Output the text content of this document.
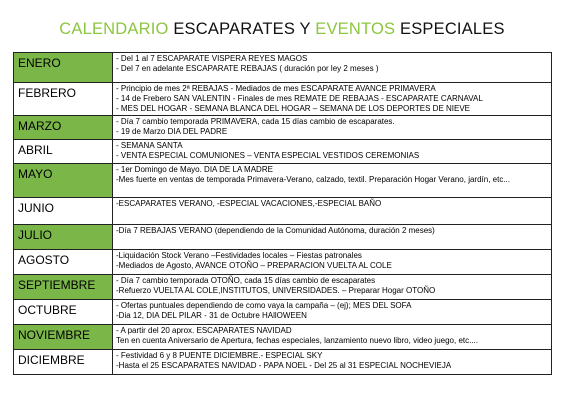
CALENDARIO ESCAPARATES Y EVENTOS ESPECIALES
ENERO	- Del 1 al 7 ESCAPARATE VISPERA REYES MAGOS
- Del 7 en adelante ESCAPARATE REBAJAS ( duración por ley 2 meses )

FEBRERO	- Principio de mes 2ª REBAJAS - Mediados de mes ESCAPARATE AVANCE PRIMAVERA
- 14 de Frebero SAN VALENTIN - Finales de mes REMATE DE REBAJAS - ESCAPARATE CARNAVAL
- MES DEL HOGAR - SEMANA BLANCA DEL HOGAR – SEMANA DE LOS DEPORTES DE NIEVE

MARZO	- Día 7 cambio temporada PRIMAVERA, cada 15 días cambio de escaparates.
- 19 de Marzo DIA DEL PADRE

ABRIL	- SEMANA SANTA
- VENTA ESPECIAL COMUNIONES – VENTA ESPECIAL VESTIDOS CEREMONIAS

MAYO	- 1er Domingo de Mayo. DIA DE LA MADRE
-Mes fuerte en ventas de temporada Primavera-Verano, calzado, textil. Preparación Hogar Verano, jardín, etc...

JUNIO	-ESCAPARATES VERANO, -ESPECIAL VACACIONES,-ESPECIAL BAÑO

JULIO	-Día 7 REBAJAS VERANO (dependiendo de la Comunidad Autónoma, duración 2 meses)

AGOSTO	-Liquidación Stock Verano –Festividades locales – Fiestas patronales
-Mediados de Agosto, AVANCE OTOÑO – PREPARACION VUELTA AL COLE

SEPTIEMBRE	- Día 7 cambio temporada OTOÑO, cada 15 días cambio de escaparates
-Refuerzo VUELTA AL COLE,INSTITUTOS, UNIVERSIDADES. – Preparar Hogar OTOÑO

OCTUBRE	- Ofertas puntuales dependiendo de como vaya la campaña – (ej); MES DEL SOFA
-Dia 12, DIA DEL PILAR - 31 de Octubre HAllOWEEN

NOVIEMBRE	- A partir del 20 aprox. ESCAPARATES NAVIDAD
Ten en cuenta Aniversario de Apertura, fechas especiales, lanzamiento nuevo libro, video juego, etc....

DICIEMBRE	- Festividad 6 y 8 PUENTE DICIEMBRE.- ESPECIAL SKY
-Hasta el 25 ESCAPARATES NAVIDAD - PAPA NOEL - Del 25 al 31 ESPECIAL NOCHEVIEJA
